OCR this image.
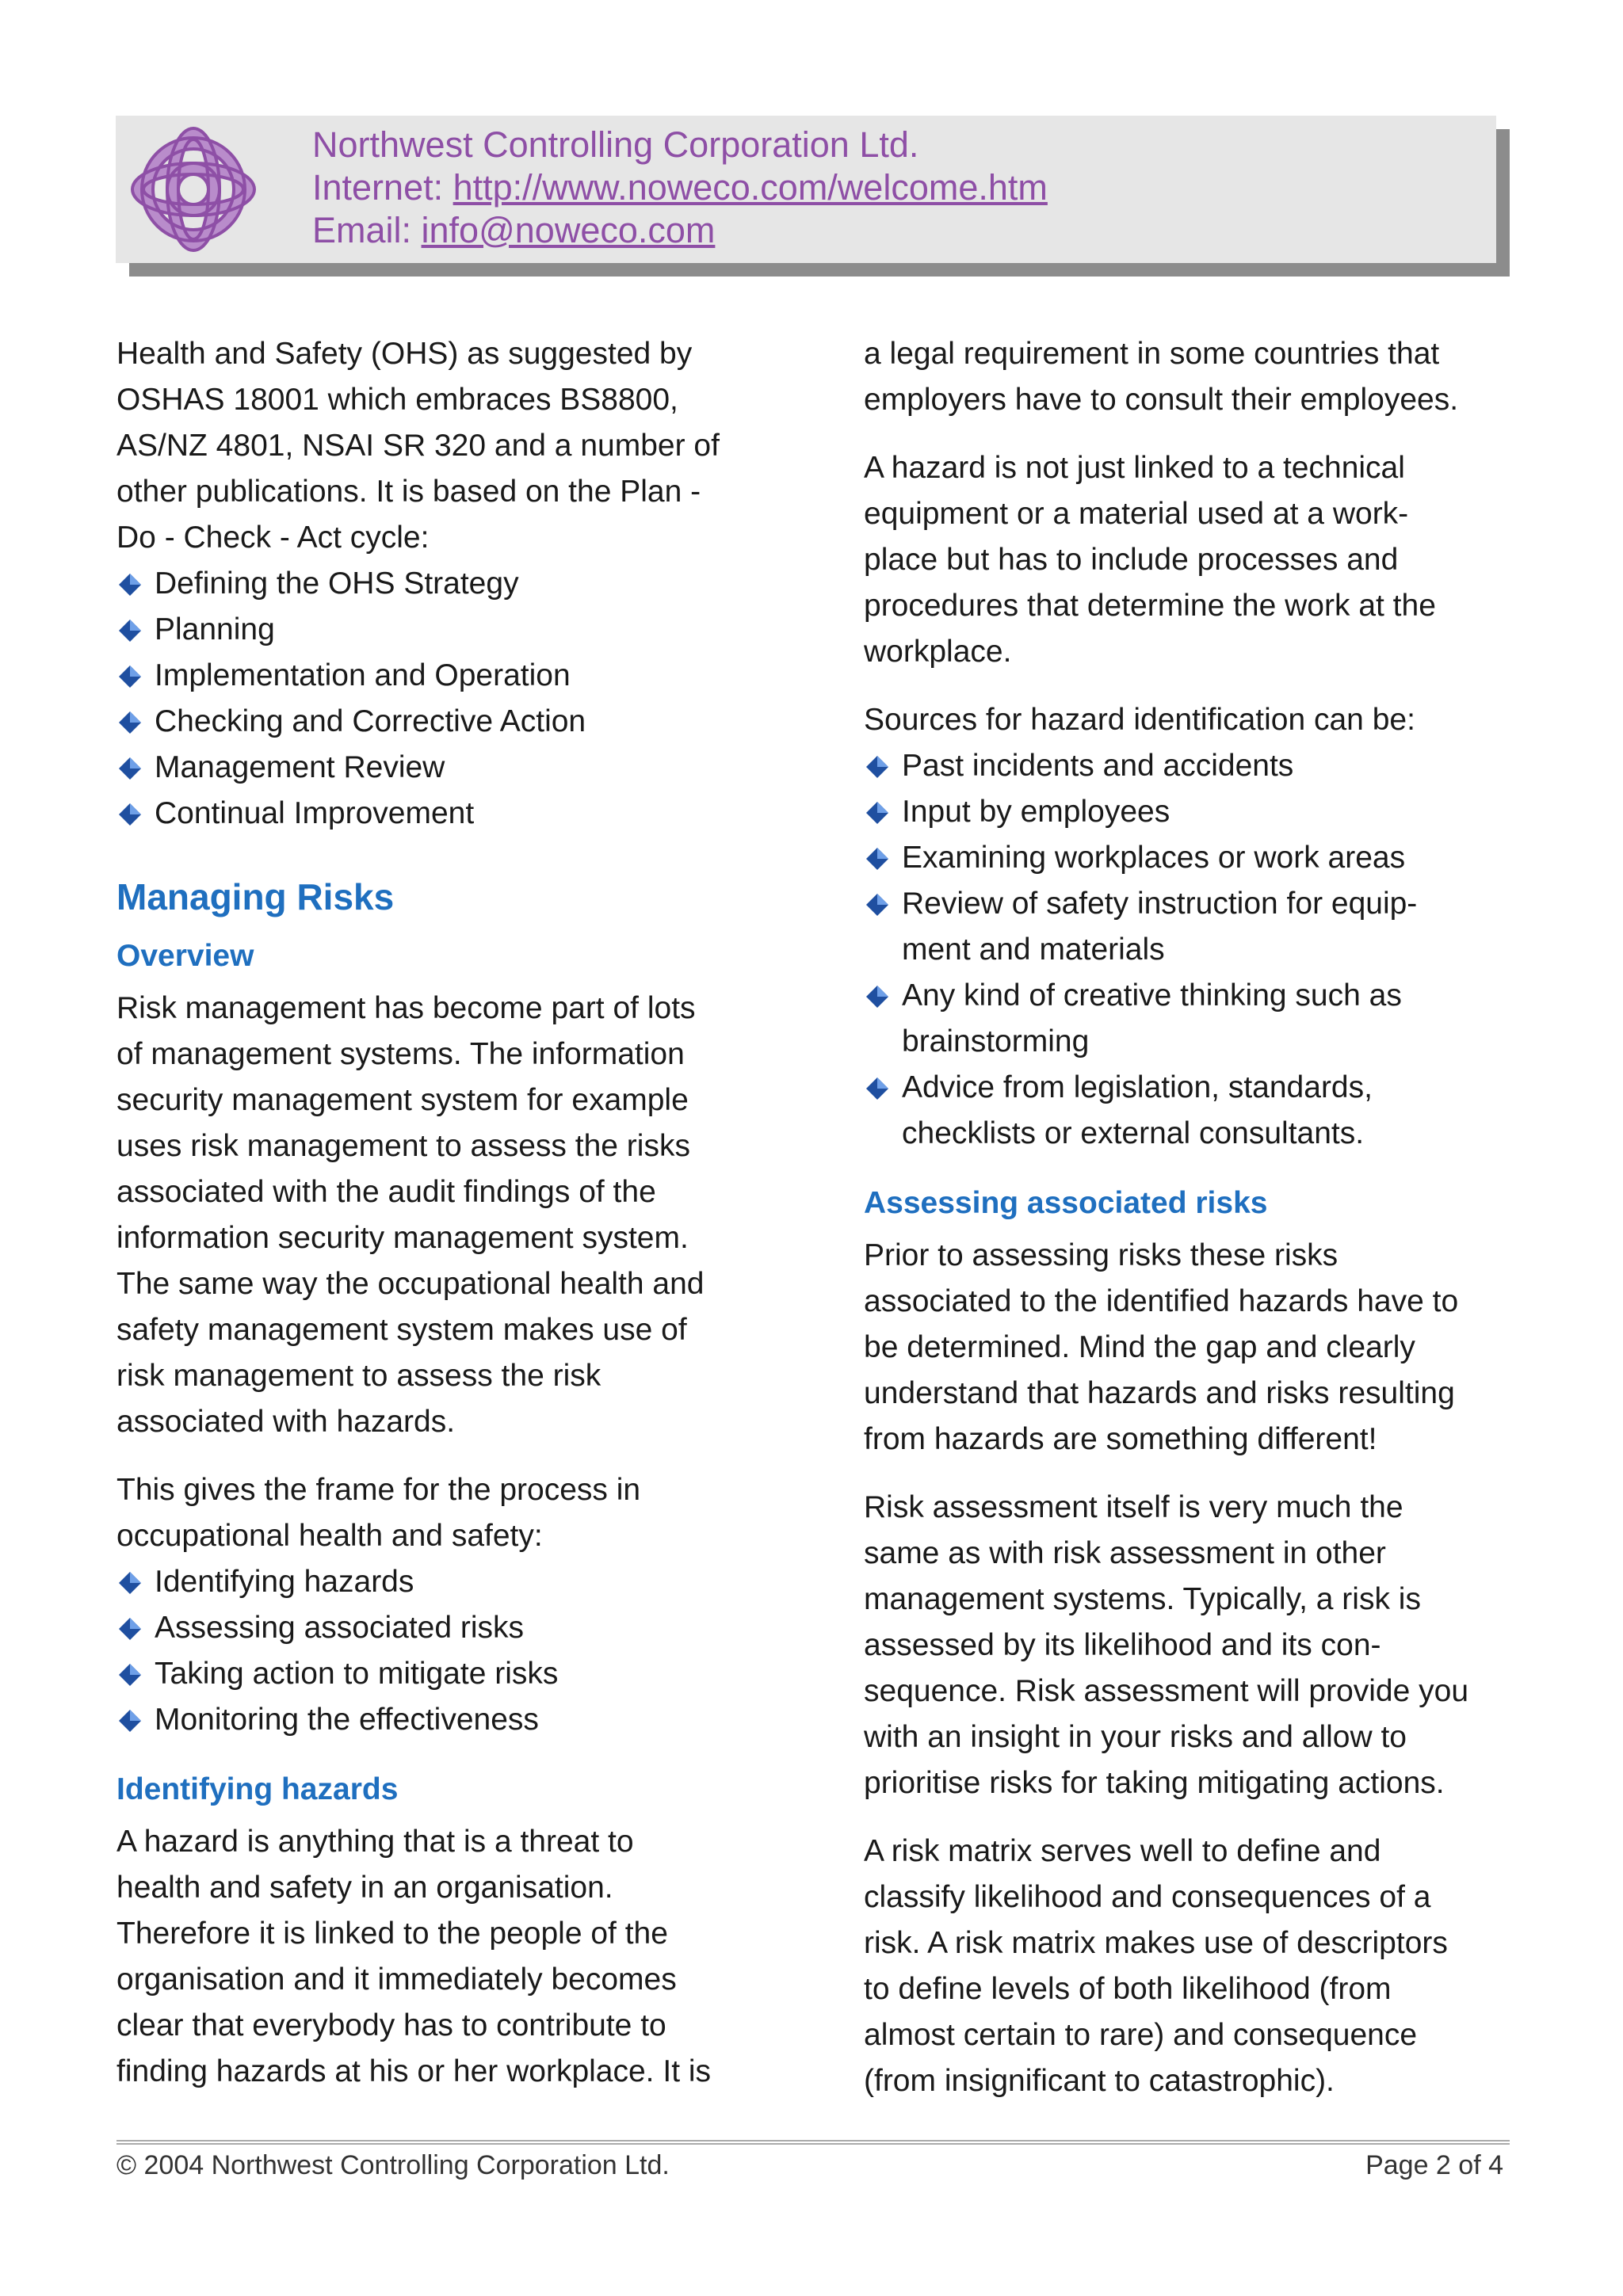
Northwest Controlling Corporation Ltd.
Internet: http://www.noweco.com/welcome.htm
Email: info@noweco.com

Health and Safety (OHS) as suggested by
OSHAS 18001 which embraces BS8800,
AS/NZ 4801, NSAI SR 320 and a number of
other publications. It is based on the Plan -
Do - Check - Act cycle:

Defining the OHS Strategy
Planning
Implementation and Operation
Checking and Corrective Action
Management Review
Continual Improvement
Managing Risks
Overview

Risk management has become part of lots
of management systems. The information
security management system for example
uses risk management to assess the risks
associated with the audit findings of the
information security management system.
The same way the occupational health and
safety management system makes use of
risk management to assess the risk
associated with hazards.

This gives the frame for the process in
occupational health and safety:

Identifying hazards
Assessing associated risks
Taking action to mitigate risks
Monitoring the effectiveness
Identifying hazards

A hazard is anything that is a threat to
health and safety in an organisation.
Therefore it is linked to the people of the
organisation and it immediately becomes
clear that everybody has to contribute to
finding hazards at his or her workplace. It is

a legal requirement in some countries that
employers have to consult their employees.

A hazard is not just linked to a technical
equipment or a material used at a work-
place but has to include processes and
procedures that determine the work at the
workplace.

Sources for hazard identification can be:

Past incidents and accidents
Input by employees
Examining workplaces or work areas
Review of safety instruction for equip-
ment and materials
Any kind of creative thinking such as
brainstorming
Advice from legislation, standards,
checklists or external consultants.
Assessing associated risks

Prior to assessing risks these risks
associated to the identified hazards have to
be determined. Mind the gap and clearly
understand that hazards and risks resulting
from hazards are something different!

Risk assessment itself is very much the
same as with risk assessment in other
management systems. Typically, a risk is
assessed by its likelihood and its con-
sequence. Risk assessment will provide you
with an insight in your risks and allow to
prioritise risks for taking mitigating actions.

A risk matrix serves well to define and
classify likelihood and consequences of a
risk. A risk matrix makes use of descriptors
to define levels of both likelihood (from
almost certain to rare) and consequence
(from insignificant to catastrophic).

© 2004 Northwest Controlling Corporation Ltd.	Page 2 of 4
